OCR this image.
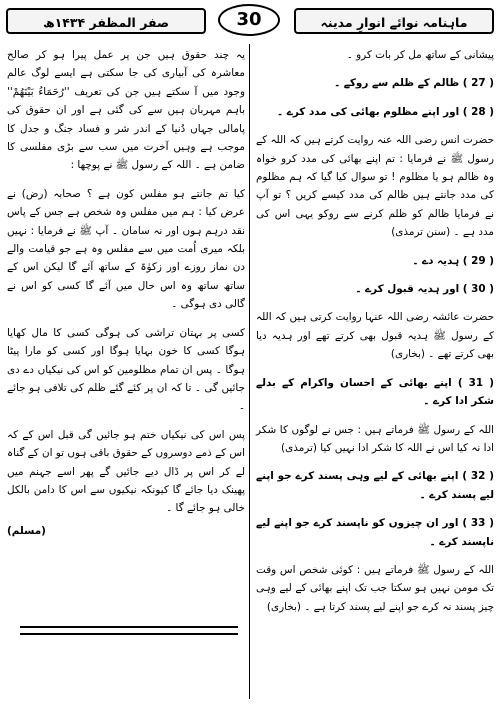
ماہنامہ نوائے انوارِ مدینہ
30
صفر المظفر ۱۴۳۴ھ

پیشانی کے ساتھ مل کر بات کرو ۔

( 27 ) ظالم کے ظلم سے روکے ۔

( 28 ) اور اپنے مظلوم بھائی کی مدد کرے ۔

حضرت انس رضی اللہ عنہ روایت کرتے ہیں کہ اللہ کے رسول ﷺ نے فرمایا : تم اپنے بھائی کی مدد کرو خواہ وہ ظالم ہو یا مظلوم ! تو سوال کیا گیا کہ ہم مظلوم کی مدد جانتے ہیں ظالم کی مدد کیسے کریں ؟ تو آپ نے فرمایا ظالم کو ظلم کرنے سے روکو یہی اس کی مدد ہے ۔ (سنن ترمذی)

( 29 ) ہدیہ دے ۔

( 30 ) اور ہدیہ قبول کرے ۔

حضرت عائشہ رضی اللہ عنہا روایت کرتی ہیں کہ اللہ کے رسول ﷺ ہدیہ قبول بھی کرتے تھے اور ہدیہ دیا بھی کرتے تھے ۔ (بخاری)

( 31 ) اپنے بھائی کے احسان واکرام کے بدلے شکر ادا کرے ۔

اللہ کے رسول ﷺ فرماتے ہیں : جس نے لوگوں کا شکر ادا نہ کیا اس نے اللہ کا شکر ادا نہیں کیا (ترمذی)

( 32 ) اپنے بھائی کے لیے وہی پسند کرے جو اپنے لیے پسند کرے ۔

( 33 ) اور ان چیزوں کو ناپسند کرے جو اپنے لیے ناپسند کرے ۔

اللہ کے رسول ﷺ فرماتے ہیں : کوئی شخص اس وقت تک مومن نہیں ہو سکتا جب تک اپنے بھائی کے لیے وہی چیز پسند نہ کرے جو اپنے لیے پسند کرتا ہے ۔ (بخاری)

یہ چند حقوق ہیں جن پر عمل پیرا ہو کر صالح معاشرہ کی آبیاری کی جا سکتی ہے ایسے لوگ عالم وجود میں آ سکتے ہیں جن کی تعریف ''رُحَمَاءُ بَیْنَھُمْ'' باہم مہربان ہیں سے کی گئی ہے اور ان حقوق کی پامالی جہاں دُنیا کے اندر شر و فساد جنگ و جدل کا موجب ہے وہیں آخرت میں سب سے بڑی مفلسی کا ضامن ہے ۔ اللہ کے رسول ﷺ نے پوچھا :

کیا تم جانتے ہو مفلس کون ہے ؟ صحابہ (رض) نے عرض کیا : ہم میں مفلس وہ شخص ہے جس کے پاس نقد درہم ہوں اور نہ سامان ۔ آپ ﷺ نے فرمایا : نہیں بلکہ میری اُمت میں سے مفلس وہ ہے جو قیامت والے دن نماز روزے اور زکوٰۃ کے ساتھ آئے گا لیکن اس کے ساتھ ساتھ وہ اس حال میں آئے گا کسی کو اس نے گالی دی ہوگی ۔

کسی پر بہتان تراشی کی ہوگی کسی کا مال کھایا ہوگا کسی کا خون بہایا ہوگا اور کسی کو مارا پیٹا ہوگا ۔ پس ان تمام مظلومین کو اس کی نیکیاں دے دی جائیں گی ۔ تا کہ ان پر کئے گئے ظلم کی تلافی ہو جائے ۔

پس اس کی نیکیاں ختم ہو جائیں گی قبل اس کے کہ اس کے ذمے دوسروں کے حقوق باقی ہوں تو ان کے گناہ لے کر اس پر ڈال دیے جائیں گے پھر اسے جہنم میں پھینک دیا جائے گا کیونکہ نیکیوں سے اس کا دامن بالکل خالی ہو جائے گا ۔

(مسلم)
